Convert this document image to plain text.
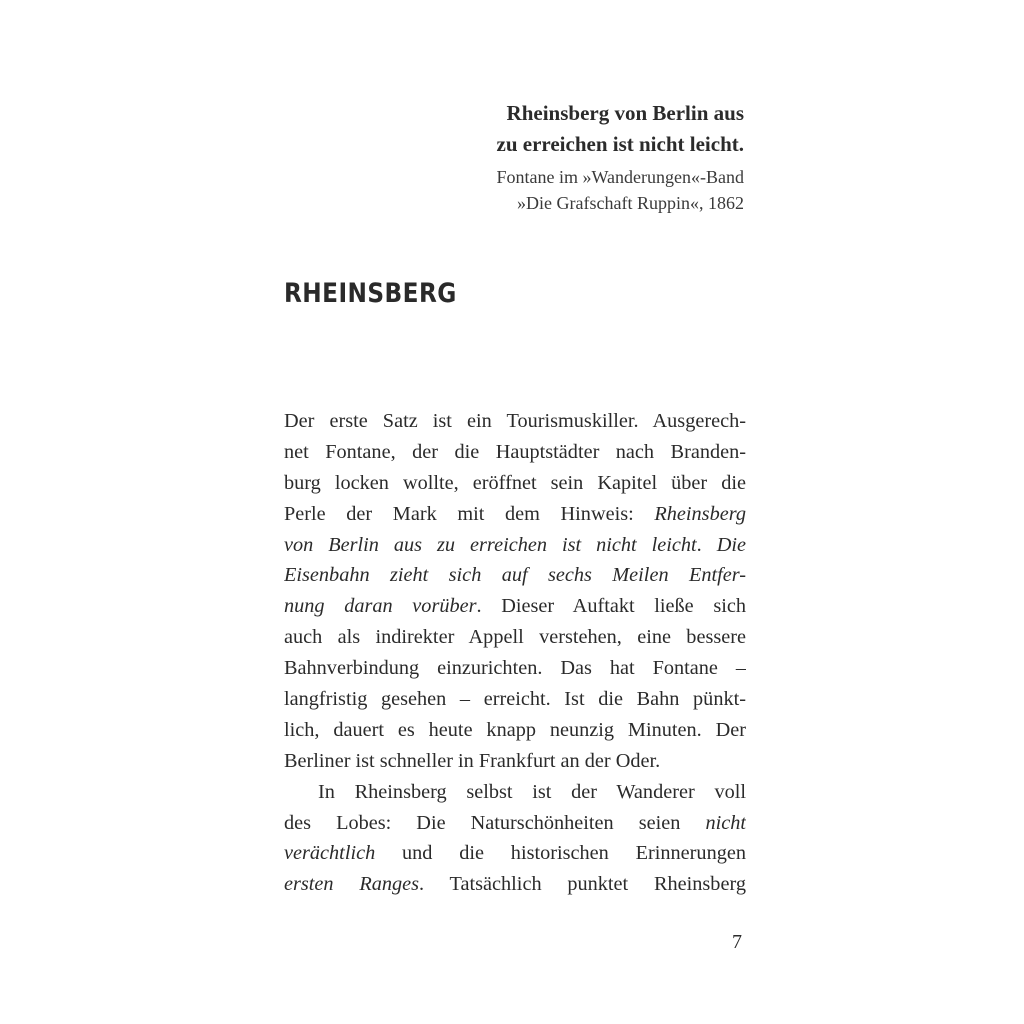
Rheinsberg von Berlin aus
zu erreichen ist nicht leicht.

Fontane im »Wanderungen«-Band
»Die Grafschaft Ruppin«, 1862

RHEINSBERG
Der erste Satz ist ein Tourismuskiller. Ausgerech-
net Fontane, der die Hauptstädter nach Branden-
burg locken wollte, eröffnet sein Kapitel über die
Perle der Mark mit dem Hinweis: Rheinsberg
von Berlin aus zu erreichen ist nicht leicht. Die
Eisenbahn zieht sich auf sechs Meilen Entfer-
nung daran vorüber. Dieser Auftakt ließe sich
auch als indirekter Appell verstehen, eine bessere
Bahnverbindung einzurichten. Das hat Fontane –
langfristig gesehen – erreicht. Ist die Bahn pünkt-
lich, dauert es heute knapp neunzig Minuten. Der
Berliner ist schneller in Frankfurt an der Oder.
In Rheinsberg selbst ist der Wanderer voll
des Lobes: Die Naturschönheiten seien nicht
verächtlich und die historischen Erinnerungen
ersten Ranges. Tatsächlich punktet Rheinsberg
7
